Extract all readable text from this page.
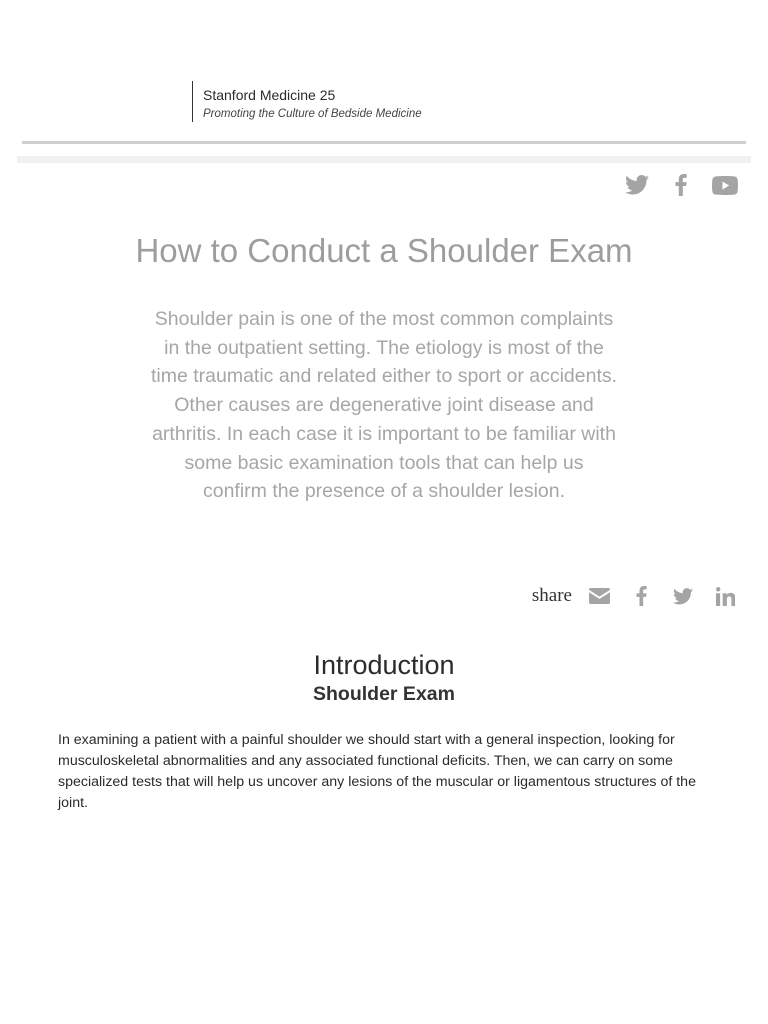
Stanford Medicine 25
Promoting the Culture of Bedside Medicine
How to Conduct a Shoulder Exam

Shoulder pain is one of the most common complaints in the outpatient setting. The etiology is most of the time traumatic and related either to sport or accidents. Other causes are degenerative joint disease and arthritis. In each case it is important to be familiar with some basic examination tools that can help us confirm the presence of a shoulder lesion.

share
Introduction
Shoulder Exam

In examining a patient with a painful shoulder we should start with a general inspection, looking for musculoskeletal abnormalities and any associated functional deficits. Then, we can carry on some specialized tests that will help us uncover any lesions of the muscular or ligamentous structures of the joint.
